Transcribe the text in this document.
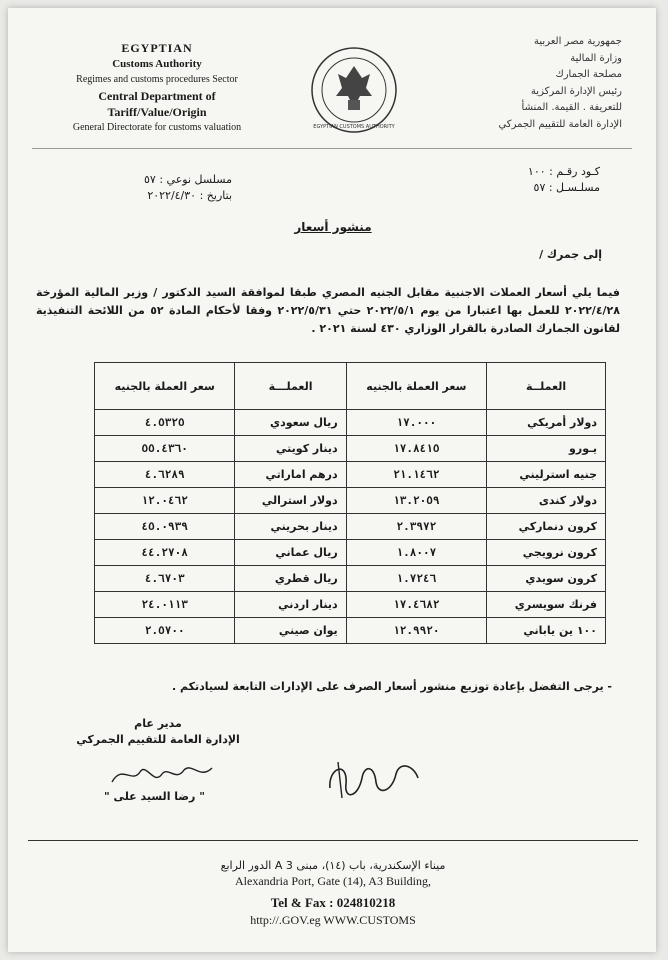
EGYPTIAN
Customs Authority
Regimes and customs procedures Sector
Central Department of
Tariff/Value/Origin
General Directorate for customs valuation	EGYPTIAN CUSTOMS AUTHORITY
جمهورية مصر العربية
وزارة المالية
مصلحة الجمارك
رئيس الإدارة المركزية
للتعريفة . القيمة. المنشأ
الإدارة العامة للتقييم الجمركي
مسلسل نوعي : ٥٧
بتاريخ : ٢٠٢٢/٤/٣٠
كـود رقـم : ١٠٠
مسلـسـل : ٥٧
منشور أسعار
إلى جمرك /
فيما يلي أسعار العملات الاجنبية مقابل الجنيه المصري طبقا لموافقة السيد الدكتور / وزير المالية المؤرخة ٢٠٢٢/٤/٢٨ للعمل بها اعتبارا من يوم ٢٠٢٢/٥/١ حتي ٢٠٢٢/٥/٣١ وفقا لأحكام المادة ٥٢ من اللائحة التنفيذية لقانون الجمارك الصادرة بالقرار الوزاري ٤٣٠ لسنة ٢٠٢١ .
العملــة	سعر العملة بالجنيه	العملـــة	سعر العملة بالجنيه
دولار أمريكي	١٧.٠٠٠	ريال سعودي	٤.٥٣٢٥
يـورو	١٧.٨٤١٥	دينار كويتي	٥٥.٤٣٦٠
جنيه استرليني	٢١.١٤٦٢	درهم اماراتي	٤.٦٢٨٩
دولار كندى	١٣.٢٠٥٩	دولار استرالي	١٢.٠٤٦٢
كرون دنماركي	٢.٣٩٧٢	دينار بحريني	٤٥.٠٩٣٩
كرون نرويجي	١.٨٠٠٧	ريال عماني	٤٤.٢٧٠٨
كرون سويدي	١.٧٢٤٦	ريال قطري	٤.٦٧٠٣
فرنك سويسري	١٧.٤٦٨٢	دينار اردني	٢٤.٠١١٣
١٠٠ ين ياباني	١٢.٩٩٢٠	يوان صيني	٢.٥٧٠٠
- يرجى التفضل بإعادة توزيع منشور أسعار الصرف على الإدارات التابعة لسيادتكم .
مدير عام
الإدارة العامة للتقييم الجمركي
" رضا السيد على "
ميناء الإسكندرية، باب (١٤)، مبنى 3 A الدور الرابع
Alexandria Port, Gate (14), A3 Building,
Tel & Fax : 024810218
http://.GOV.eg WWW.CUSTOMS
